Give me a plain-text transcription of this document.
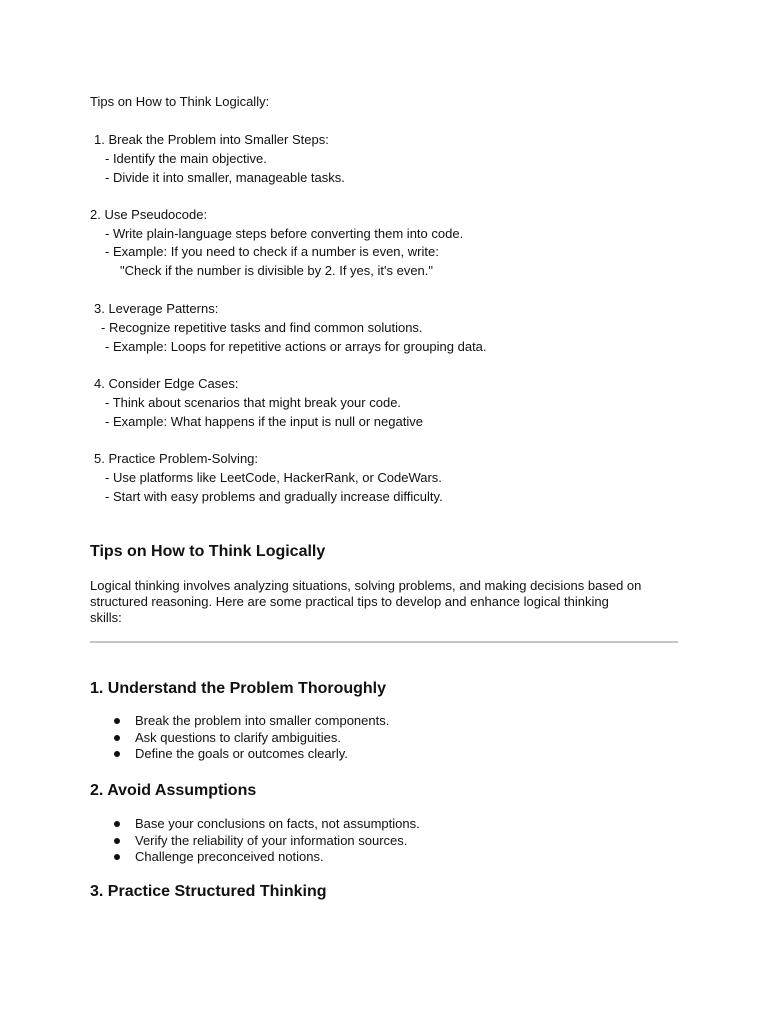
Tips on How to Think Logically:
1. Break the Problem into Smaller Steps:
- Identify the main objective.
- Divide it into smaller, manageable tasks.
2. Use Pseudocode:
- Write plain-language steps before converting them into code.
- Example: If you need to check if a number is even, write:
"Check if the number is divisible by 2. If yes, it's even."
3. Leverage Patterns:
- Recognize repetitive tasks and find common solutions.
- Example: Loops for repetitive actions or arrays for grouping data.
4. Consider Edge Cases:
- Think about scenarios that might break your code.
- Example: What happens if the input is null or negative
5. Practice Problem-Solving:
- Use platforms like LeetCode, HackerRank, or CodeWars.
- Start with easy problems and gradually increase difficulty.
Tips on How to Think Logically
Logical thinking involves analyzing situations, solving problems, and making decisions based on
structured reasoning. Here are some practical tips to develop and enhance logical thinking
skills:
1. Understand the Problem Thoroughly
Break the problem into smaller components.
Ask questions to clarify ambiguities.
Define the goals or outcomes clearly.
2. Avoid Assumptions
Base your conclusions on facts, not assumptions.
Verify the reliability of your information sources.
Challenge preconceived notions.
3. Practice Structured Thinking
